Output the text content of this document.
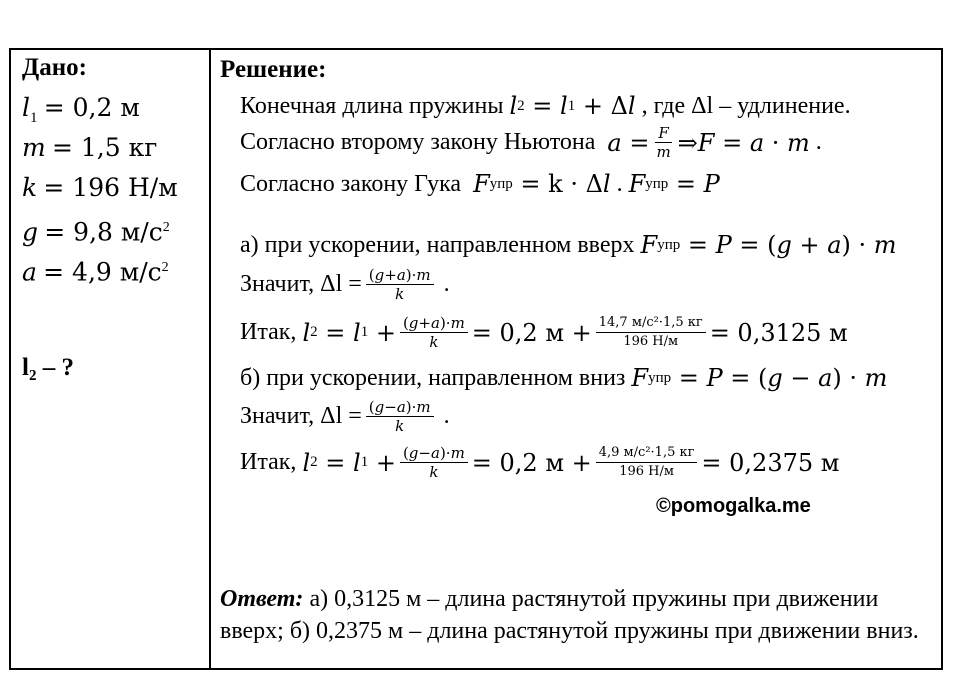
Дано:
$l_1 = 0,2$ м
m = 1,5 кг
k = 196 Н/м
g = 9,8 $м/с^2$
a = 4,9 $м/с^2$
l₂ – ?
Решение:
Конечная длина пружины
l 2 = l 1 + Δ l
, где Δl – удлинение.
Согласно второму закону Ньютона
$a = \frac{F}{m}$ ⇒ F = a · m .
Согласно закону Гука
F упр = k · Δ l . F упр = P
а) при ускорении, направленном вверх
F упр = P = ( g + a ) · m
Значит, $\Delta l = \frac{(g+a)\cdot m}{k}$ .
Итак,
l 2 = l $1 + \frac{(g+a)\cdot m}{k} = 0,2$ $м + \frac{\text{14,7 м/с²·1,5 кг}}{196 Н/м} = 0,3125$ м
б) при ускорении, направленном вниз
F упр = P = ( g − a ) · m
Значит, $\Delta l = \frac{(g-a)\cdot m}{k}$ .
Итак,
l 2 = l $1 + \frac{(g-a)\cdot m}{k} = 0,2$ $м + \frac{\text{4,9 м/с²·1,5 кг}}{196 Н/м} = 0,2375$ м
©pomogalka.me
Ответ: а) 0,3125 м – длина растянутой пружины при движении вверх; б) 0,2375 м – длина растянутой пружины при движении вниз.
